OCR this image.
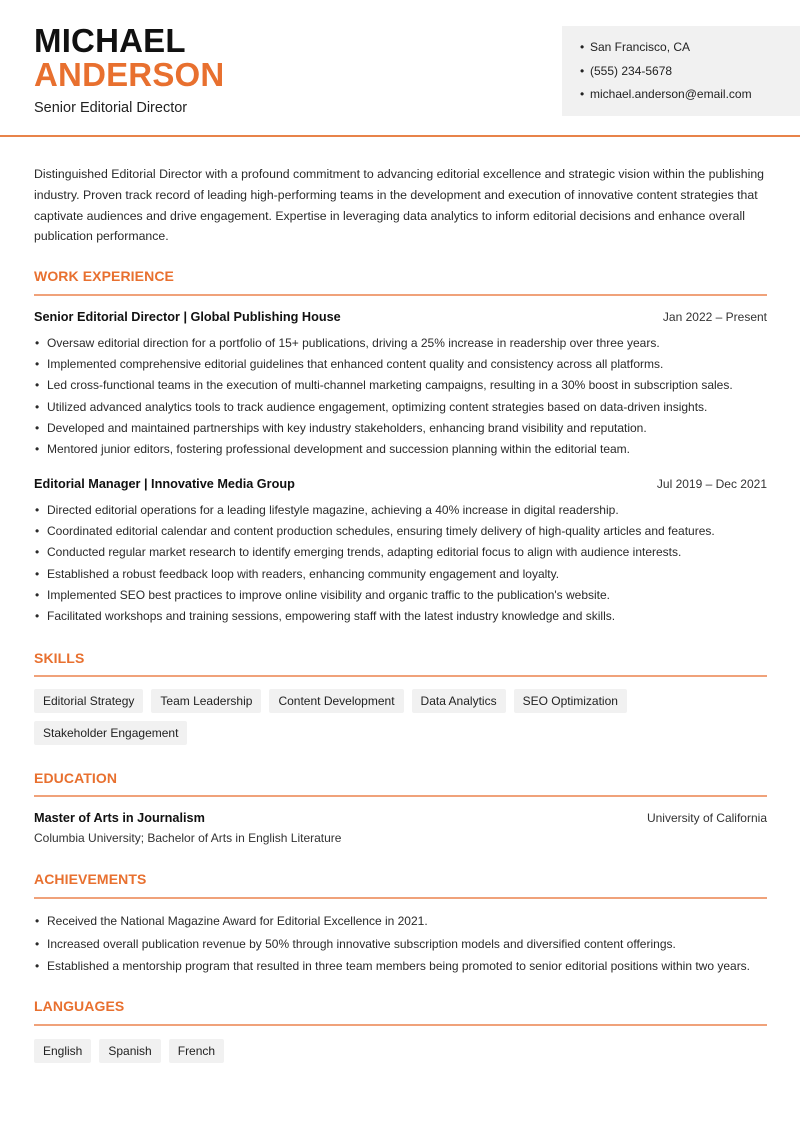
MICHAEL
ANDERSON
Senior Editorial Director
• San Francisco, CA
• (555) 234-5678
• michael.anderson@email.com

Distinguished Editorial Director with a profound commitment to advancing editorial excellence and strategic vision within the publishing industry. Proven track record of leading high-performing teams in the development and execution of innovative content strategies that captivate audiences and drive engagement. Expertise in leveraging data analytics to inform editorial decisions and enhance overall publication performance.

WORK EXPERIENCE
Senior Editorial Director | Global Publishing House	Jan 2022 – Present
• Oversaw editorial direction for a portfolio of 15+ publications, driving a 25% increase in readership over three years.
• Implemented comprehensive editorial guidelines that enhanced content quality and consistency across all platforms.
• Led cross-functional teams in the execution of multi-channel marketing campaigns, resulting in a 30% boost in subscription sales.
• Utilized advanced analytics tools to track audience engagement, optimizing content strategies based on data-driven insights.
• Developed and maintained partnerships with key industry stakeholders, enhancing brand visibility and reputation.
• Mentored junior editors, fostering professional development and succession planning within the editorial team.
Editorial Manager | Innovative Media Group	Jul 2019 – Dec 2021
• Directed editorial operations for a leading lifestyle magazine, achieving a 40% increase in digital readership.
• Coordinated editorial calendar and content production schedules, ensuring timely delivery of high-quality articles and features.
• Conducted regular market research to identify emerging trends, adapting editorial focus to align with audience interests.
• Established a robust feedback loop with readers, enhancing community engagement and loyalty.
• Implemented SEO best practices to improve online visibility and organic traffic to the publication's website.
• Facilitated workshops and training sessions, empowering staff with the latest industry knowledge and skills.
SKILLS
Editorial Strategy	Team Leadership	Content Development	Data Analytics	SEO Optimization
Stakeholder Engagement
EDUCATION
Master of Arts in Journalism	University of California
Columbia University; Bachelor of Arts in English Literature
ACHIEVEMENTS
• Received the National Magazine Award for Editorial Excellence in 2021.
• Increased overall publication revenue by 50% through innovative subscription models and diversified content offerings.
• Established a mentorship program that resulted in three team members being promoted to senior editorial positions within two years.
LANGUAGES
English	Spanish	French
